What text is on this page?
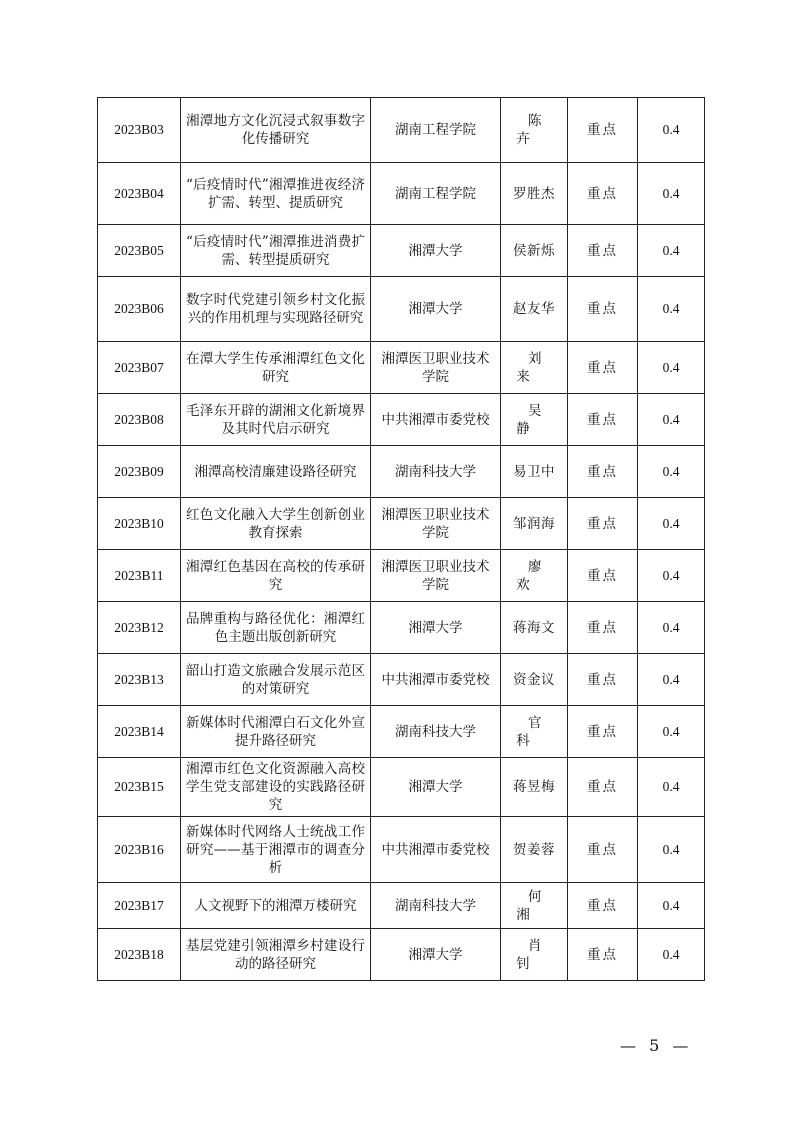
2023B03	湘潭地方文化沉浸式叙事数字化传播研究	湖南工程学院	陈卉	重点	0.4
2023B04	“后疫情时代”湘潭推进夜经济扩需、转型、提质研究	湖南工程学院	罗胜杰	重点	0.4
2023B05	“后疫情时代”湘潭推进消费扩需、转型提质研究	湘潭大学	侯新烁	重点	0.4
2023B06	数字时代党建引领乡村文化振兴的作用机理与实现路径研究	湘潭大学	赵友华	重点	0.4
2023B07	在潭大学生传承湘潭红色文化研究	湘潭医卫职业技术学院	刘来	重点	0.4
2023B08	毛泽东开辟的湖湘文化新境界及其时代启示研究	中共湘潭市委党校	吴静	重点	0.4
2023B09	湘潭高校清廉建设路径研究	湖南科技大学	易卫中	重点	0.4
2023B10	红色文化融入大学生创新创业教育探索	湘潭医卫职业技术学院	邹润海	重点	0.4
2023B11	湘潭红色基因在高校的传承研究	湘潭医卫职业技术学院	廖欢	重点	0.4
2023B12	品牌重构与路径优化：湘潭红色主题出版创新研究	湘潭大学	蒋海文	重点	0.4
2023B13	韶山打造文旅融合发展示范区的对策研究	中共湘潭市委党校	资金议	重点	0.4
2023B14	新媒体时代湘潭白石文化外宣提升路径研究	湖南科技大学	官科	重点	0.4
2023B15	湘潭市红色文化资源融入高校学生党支部建设的实践路径研究	湘潭大学	蒋昱梅	重点	0.4
2023B16	新媒体时代网络人士统战工作研究——基于湘潭市的调查分析	中共湘潭市委党校	贺姜蓉	重点	0.4
2023B17	人文视野下的湘潭万楼研究	湖南科技大学	何湘	重点	0.4
2023B18	基层党建引领湘潭乡村建设行动的路径研究	湘潭大学	肖钊	重点	0.4
— 5 —
